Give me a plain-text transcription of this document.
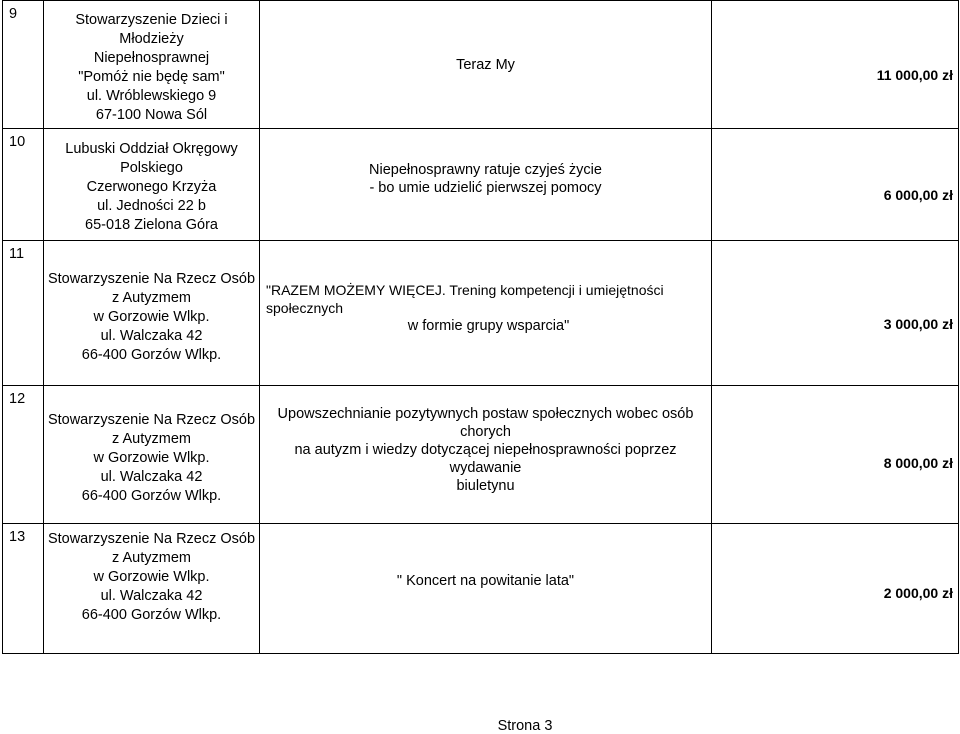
9	Stowarzyszenie Dzieci i Młodzieży
Niepełnosprawnej
"Pomóż nie będę sam"
ul. Wróblewskiego 9
67-100 Nowa Sól	Teraz My	11 000,00 zł
10	Lubuski Oddział Okręgowy Polskiego
Czerwonego Krzyża
ul. Jedności 22 b
65-018 Zielona Góra	Niepełnosprawny ratuje czyjeś życie
- bo umie udzielić pierwszej pomocy	6 000,00 zł
11	Stowarzyszenie Na Rzecz Osób
z Autyzmem
w Gorzowie Wlkp.
ul. Walczaka 42
66-400 Gorzów Wlkp.	"RAZEM MOŻEMY WIĘCEJ. Trening kompetencji i umiejętności społecznych
w formie grupy wsparcia"	3 000,00 zł
12	Stowarzyszenie Na Rzecz Osób
z Autyzmem
w Gorzowie Wlkp.
ul. Walczaka 42
66-400 Gorzów Wlkp.	Upowszechnianie pozytywnych postaw społecznych wobec osób chorych
na autyzm i wiedzy dotyczącej niepełnosprawności poprzez wydawanie
biuletynu	8 000,00 zł
13	Stowarzyszenie Na Rzecz Osób
z Autyzmem
w Gorzowie Wlkp.
ul. Walczaka 42
66-400 Gorzów Wlkp.	" Koncert na powitanie lata"	2 000,00 zł
Strona 3
